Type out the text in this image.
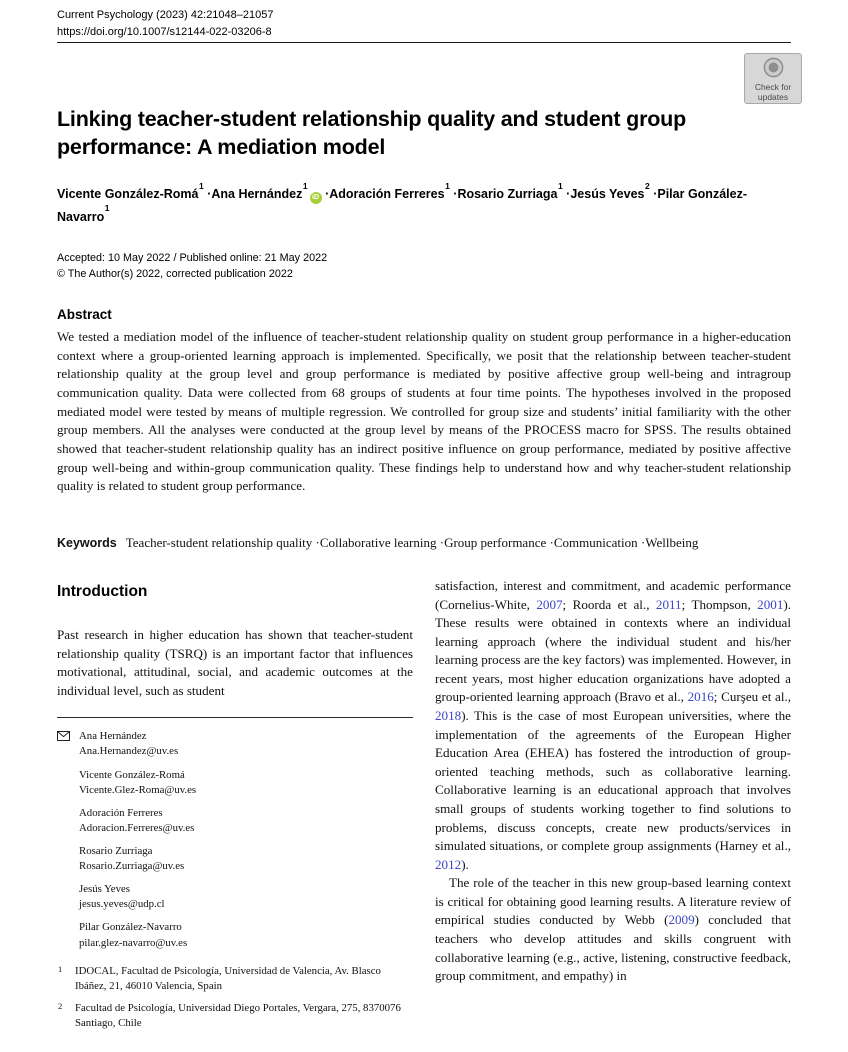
Current Psychology (2023) 42:21048–21057
https://doi.org/10.1007/s12144-022-03206-8
Check for updates
Linking teacher-student relationship quality and student group performance: A mediation model
Vicente González-Romá$^1$ ·Ana Hernández$^1$iD · Adoración Ferreres$^1$ ·Rosario Zurriaga$^1$ ·Jesús Yeves$^2$ ·Pilar González-Navarro$^1$
Accepted: 10 May 2022 / Published online: 21 May 2022
© The Author(s) 2022, corrected publication 2022
Abstract
We tested a mediation model of the influence of teacher-student relationship quality on student group performance in a higher-education context where a group-oriented learning approach is implemented. Specifically, we posit that the relationship between teacher-student relationship quality at the group level and group performance is mediated by positive affective group well-being and intragroup communication quality. Data were collected from 68 groups of students at four time points. The hypotheses involved in the proposed mediated model were tested by means of multiple regression. We controlled for group size and students’ initial familiarity with the other group members. All the analyses were conducted at the group level by means of the PROCESS macro for SPSS. The results obtained showed that teacher-student relationship quality has an indirect positive influence on group performance, mediated by positive affective group well-being and within-group communication quality. These findings help to understand how and why teacher-student relationship quality is related to student group performance.
Keywords Teacher-student relationship quality · Collaborative learning · Group performance · Communication · Wellbeing
Introduction

Past research in higher education has shown that teacher-student relationship quality (TSRQ) is an important factor that influences motivational, attitudinal, social, and academic outcomes at the individual level, such as student

Ana Hernández
Ana.Hernandez@uv.es
Vicente González-Romá
Vicente.Glez-Roma@uv.es
Adoración Ferreres
Adoracion.Ferreres@uv.es
Rosario Zurriaga
Rosario.Zurriaga@uv.es
Jesús Yeves
jesus.yeves@udp.cl
Pilar González-Navarro
pilar.glez-navarro@uv.es
1 IDOCAL, Facultad de Psicología, Universidad de Valencia, Av. Blasco Ibáñez, 21, 46010 Valencia, Spain
2 Facultad de Psicología, Universidad Diego Portales, Vergara, 275, 8370076 Santiago, Chile

satisfaction, interest and commitment, and academic performance (Cornelius-White, 2007; Roorda et al., 2011; Thompson, 2001). These results were obtained in contexts where an individual learning approach (where the individual student and his/her learning process are the key factors) was implemented. However, in recent years, most higher education organizations have adopted a group-oriented learning approach (Bravo et al., 2016; Curşeu et al., 2018). This is the case of most European universities, where the implementation of the agreements of the European Higher Education Area (EHEA) has fostered the introduction of group-oriented teaching methods, such as collaborative learning. Collaborative learning is an educational approach that involves small groups of students working together to find solutions to problems, discuss concepts, create new products/services in simulated situations, or complete group assignments (Harney et al., 2012).

The role of the teacher in this new group-based learning context is critical for obtaining good learning results. A literature review of empirical studies conducted by Webb (2009) concluded that teachers who develop attitudes and skills congruent with collaborative learning (e.g., active, listening, constructive feedback, group commitment, and empathy) in
